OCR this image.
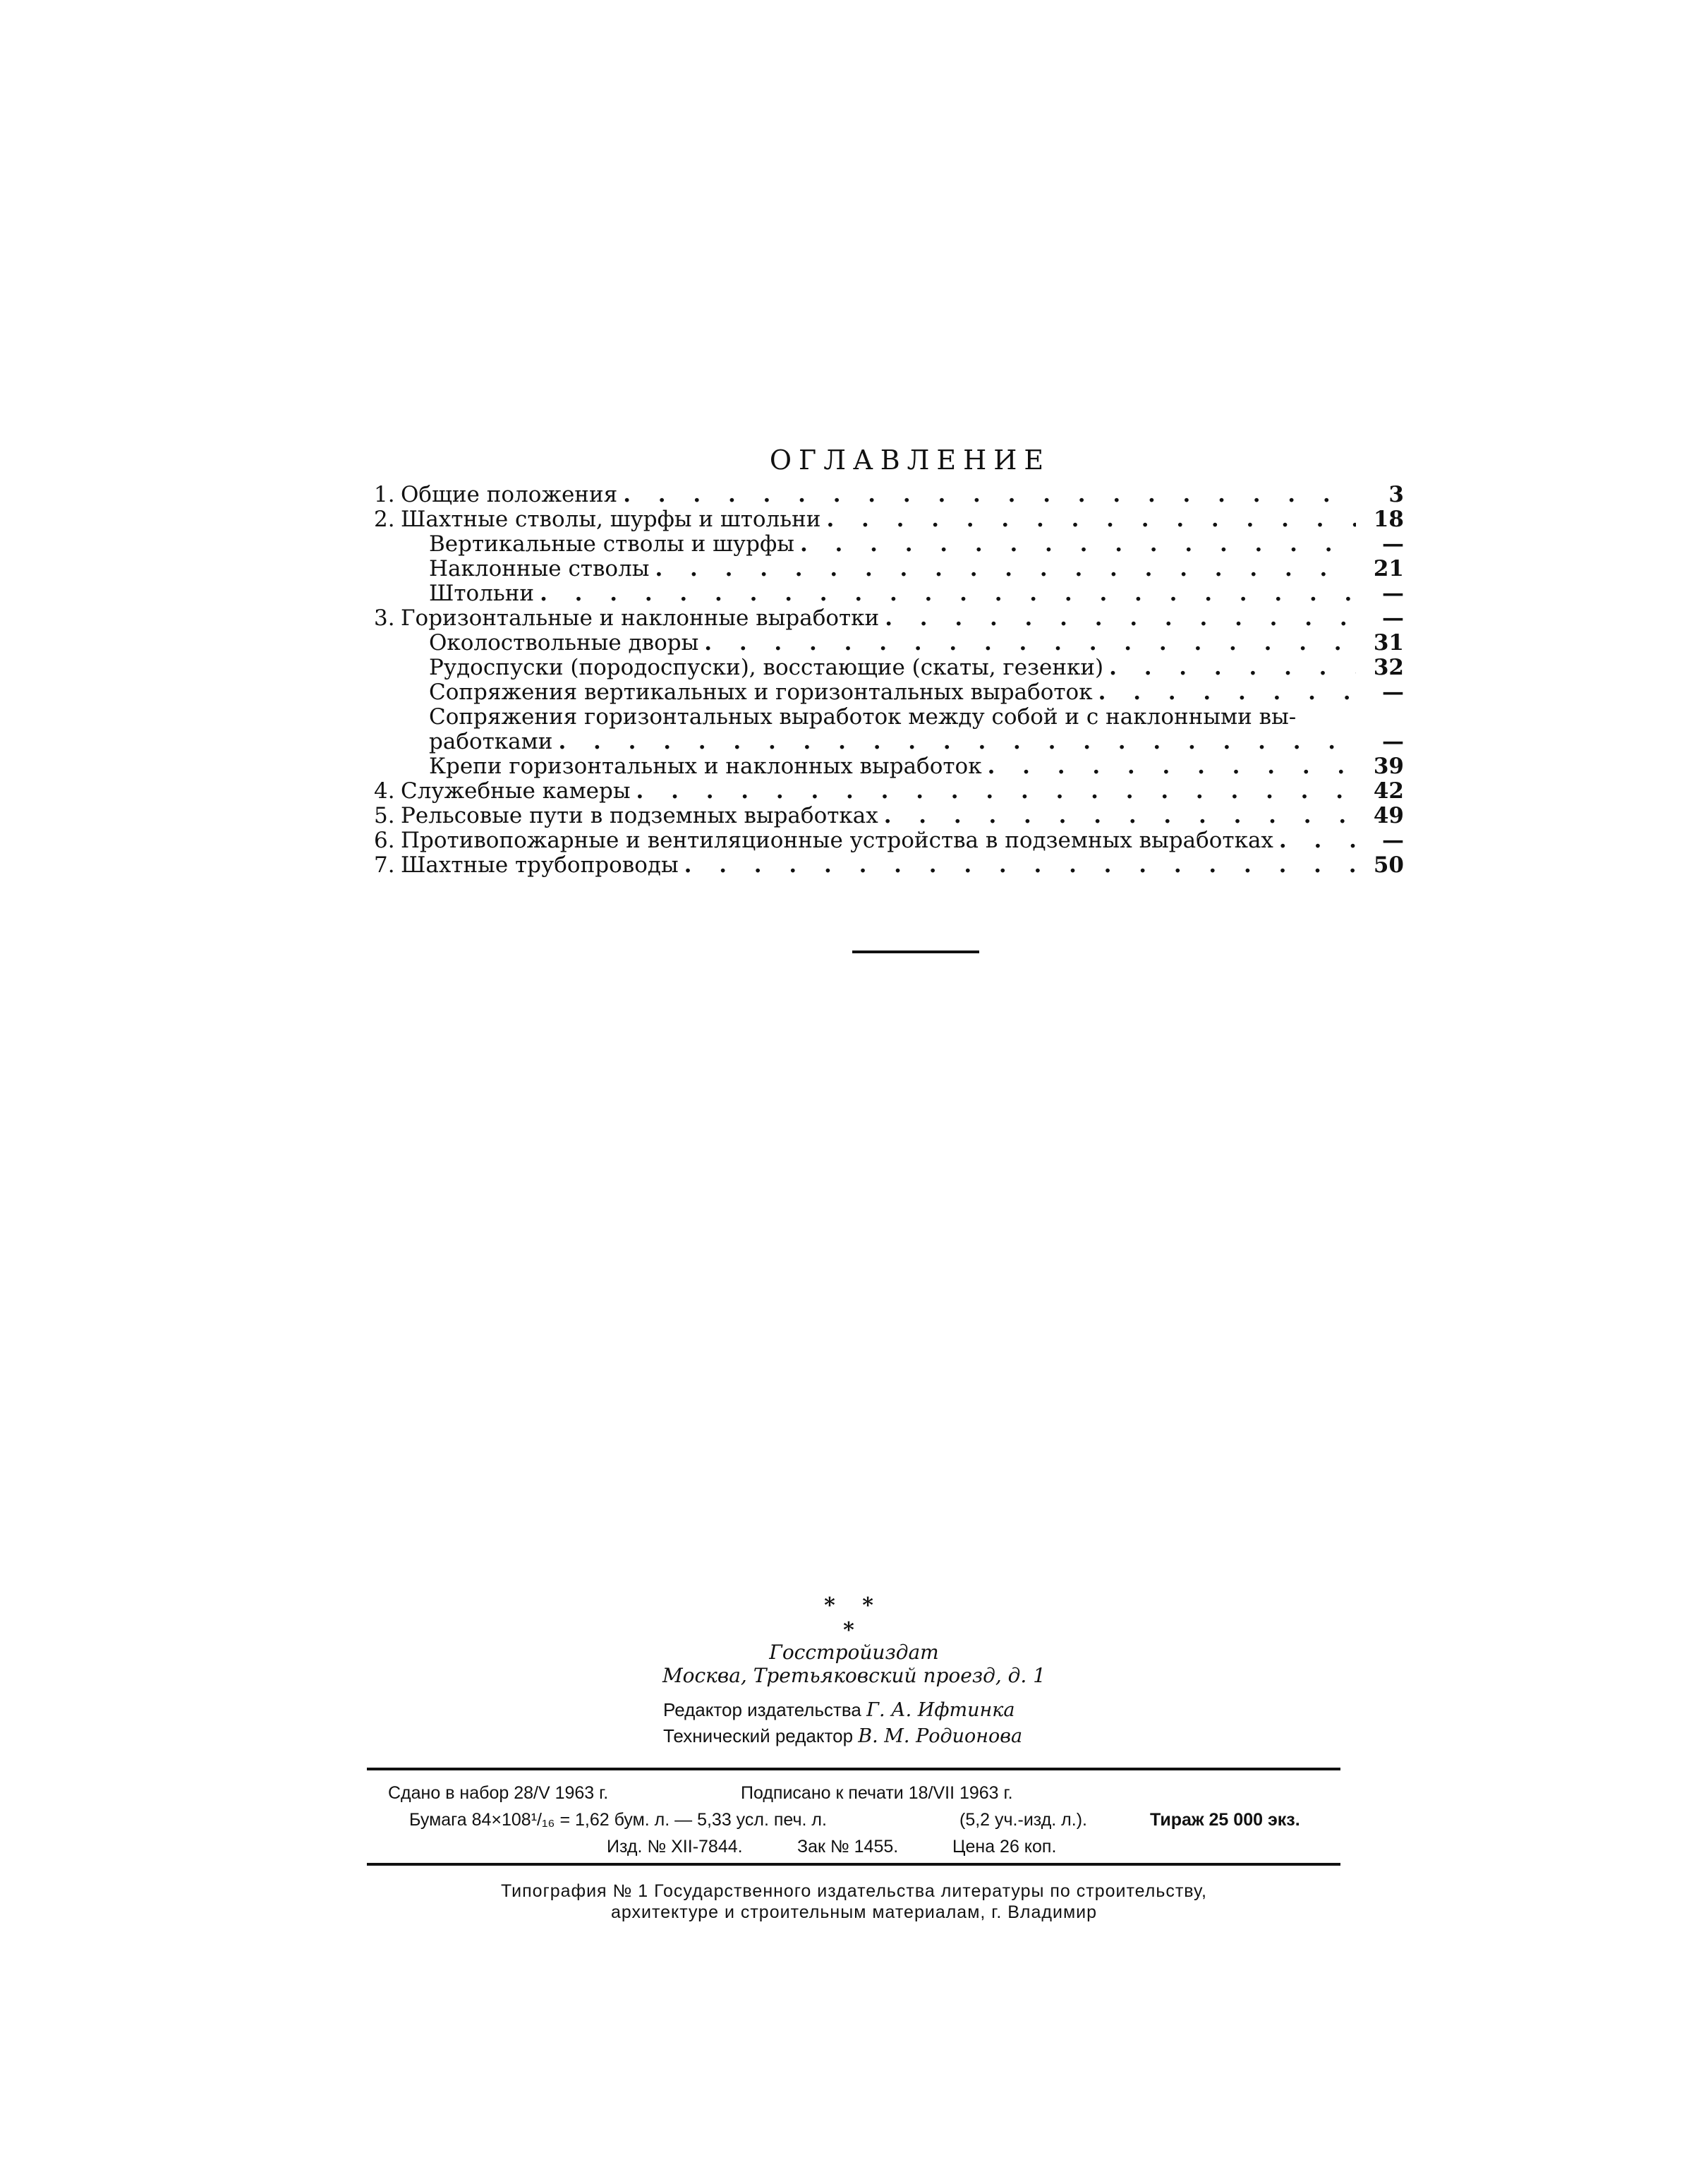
ОГЛАВЛЕНИЕ
1. Общие положения . . .	3
2. Шахтные стволы, шурфы и штольни . . .	18
Вертикальные стволы и шурфы . . .	—
Наклонные стволы . . .	21
Штольни . . .	—
3. Горизонтальные и наклонные выработки . . .	—
Околоствольные дворы . . .	31
Рудоспуски (породоспуски), восстающие (скаты, гезенки) . . .	32
Сопряжения вертикальных и горизонтальных выработок . . .	—
Сопряжения горизонтальных выработок между собой и с наклонными вы-
работками . . .	—
Крепи горизонтальных и наклонных выработок . . .	39
4. Служебные камеры . . .	42
5. Рельсовые пути в подземных выработках . . .	49
6. Противопожарные и вентиляционные устройства в подземных выработках . . .	—
7. Шахтные трубопроводы . . .	50
* * *
Госстройиздат
Москва, Третьяковский проезд, д. 1
Редактор издательства Г. А. Ифтинка
Технический редактор В. М. Родионова
Сдано в набор 28/V 1963 г.	Подписано к печати 18/VII 1963 г.
Бумага 84×108¹/₁₆ = 1,62 бум. л. — 5,33 усл. печ. л.	(5,2 уч.-изд. л.).	Тираж 25 000 экз.
Изд. № XII-7844.	Зак № 1455.	Цена 26 коп.
Типография № 1 Государственного издательства литературы по строительству,
архитектуре и строительным материалам, г. Владимир
